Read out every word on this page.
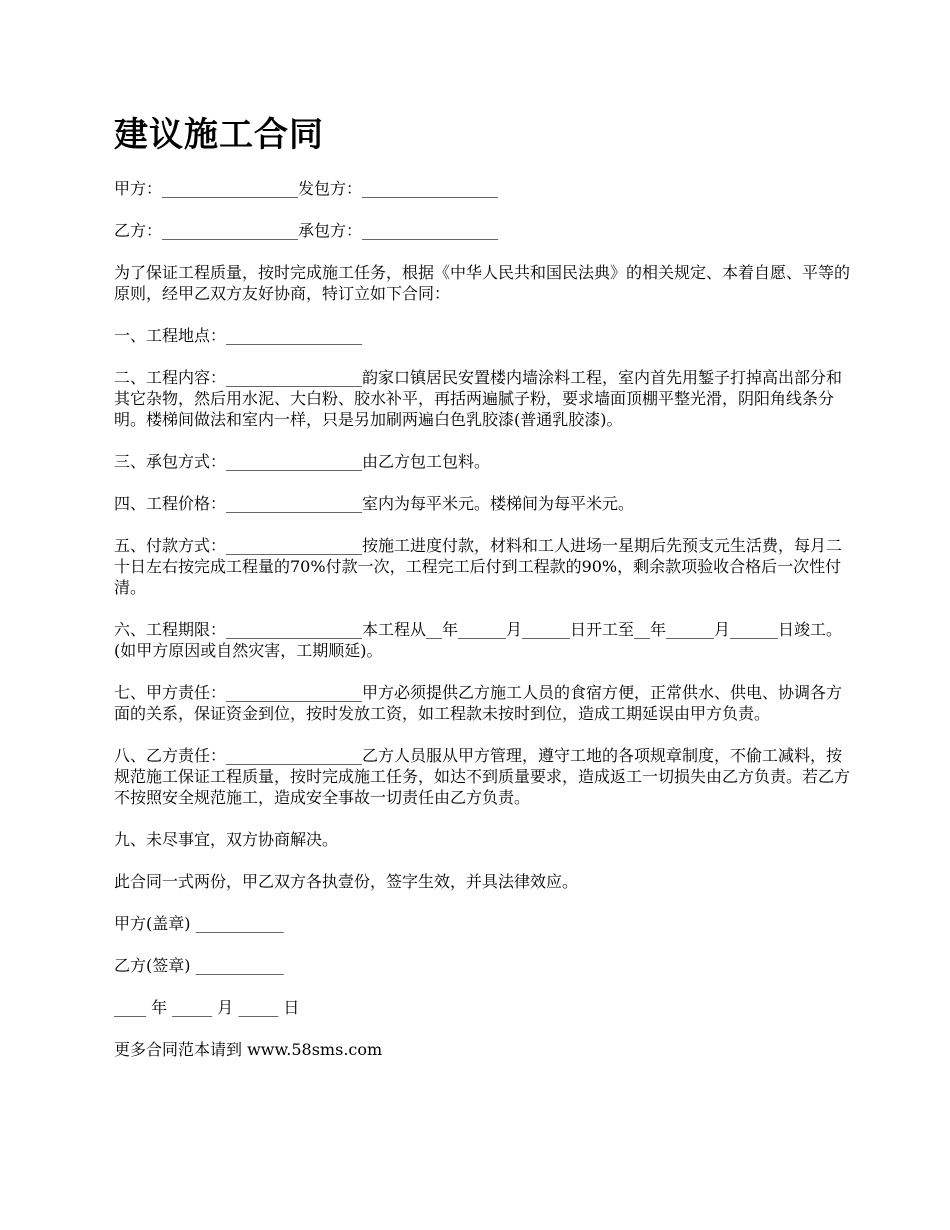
建议施工合同

甲方：_________________发包方：_________________

乙方：_________________承包方：_________________

为了保证工程质量，按时完成施工任务，根据《中华人民共和国民法典》的相关规定、本着自愿、平等的原则，经甲乙双方友好协商，特订立如下合同：

一、工程地点：_________________

二、工程内容：_________________韵家口镇居民安置楼内墙涂料工程，室内首先用錾子打掉高出部分和其它杂物，然后用水泥、大白粉、胶水补平，再括两遍腻子粉，要求墙面顶棚平整光滑，阴阳角线条分明。楼梯间做法和室内一样，只是另加刷两遍白色乳胶漆(普通乳胶漆)。

三、承包方式：_________________由乙方包工包料。

四、工程价格：_________________室内为每平米元。楼梯间为每平米元。

五、付款方式：_________________按施工进度付款，材料和工人进场一星期后先预支元生活费，每月二十日左右按完成工程量的70%付款一次，工程完工后付到工程款的90%，剩余款项验收合格后一次性付清。

六、工程期限：_________________本工程从__年______月______日开工至__年______月______日竣工。(如甲方原因或自然灾害，工期顺延)。

七、甲方责任：_________________甲方必须提供乙方施工人员的食宿方便，正常供水、供电、协调各方面的关系，保证资金到位，按时发放工资，如工程款未按时到位，造成工期延误由甲方负责。

八、乙方责任：_________________乙方人员服从甲方管理，遵守工地的各项规章制度，不偷工减料，按规范施工保证工程质量，按时完成施工任务，如达不到质量要求，造成返工一切损失由乙方负责。若乙方不按照安全规范施工，造成安全事故一切责任由乙方负责。

九、未尽事宜，双方协商解决。

此合同一式两份，甲乙双方各执壹份，签字生效，并具法律效应。

甲方(盖章) ___________

乙方(签章) ___________

____ 年 _____ 月 _____ 日

更多合同范本请到 www.58sms.com
